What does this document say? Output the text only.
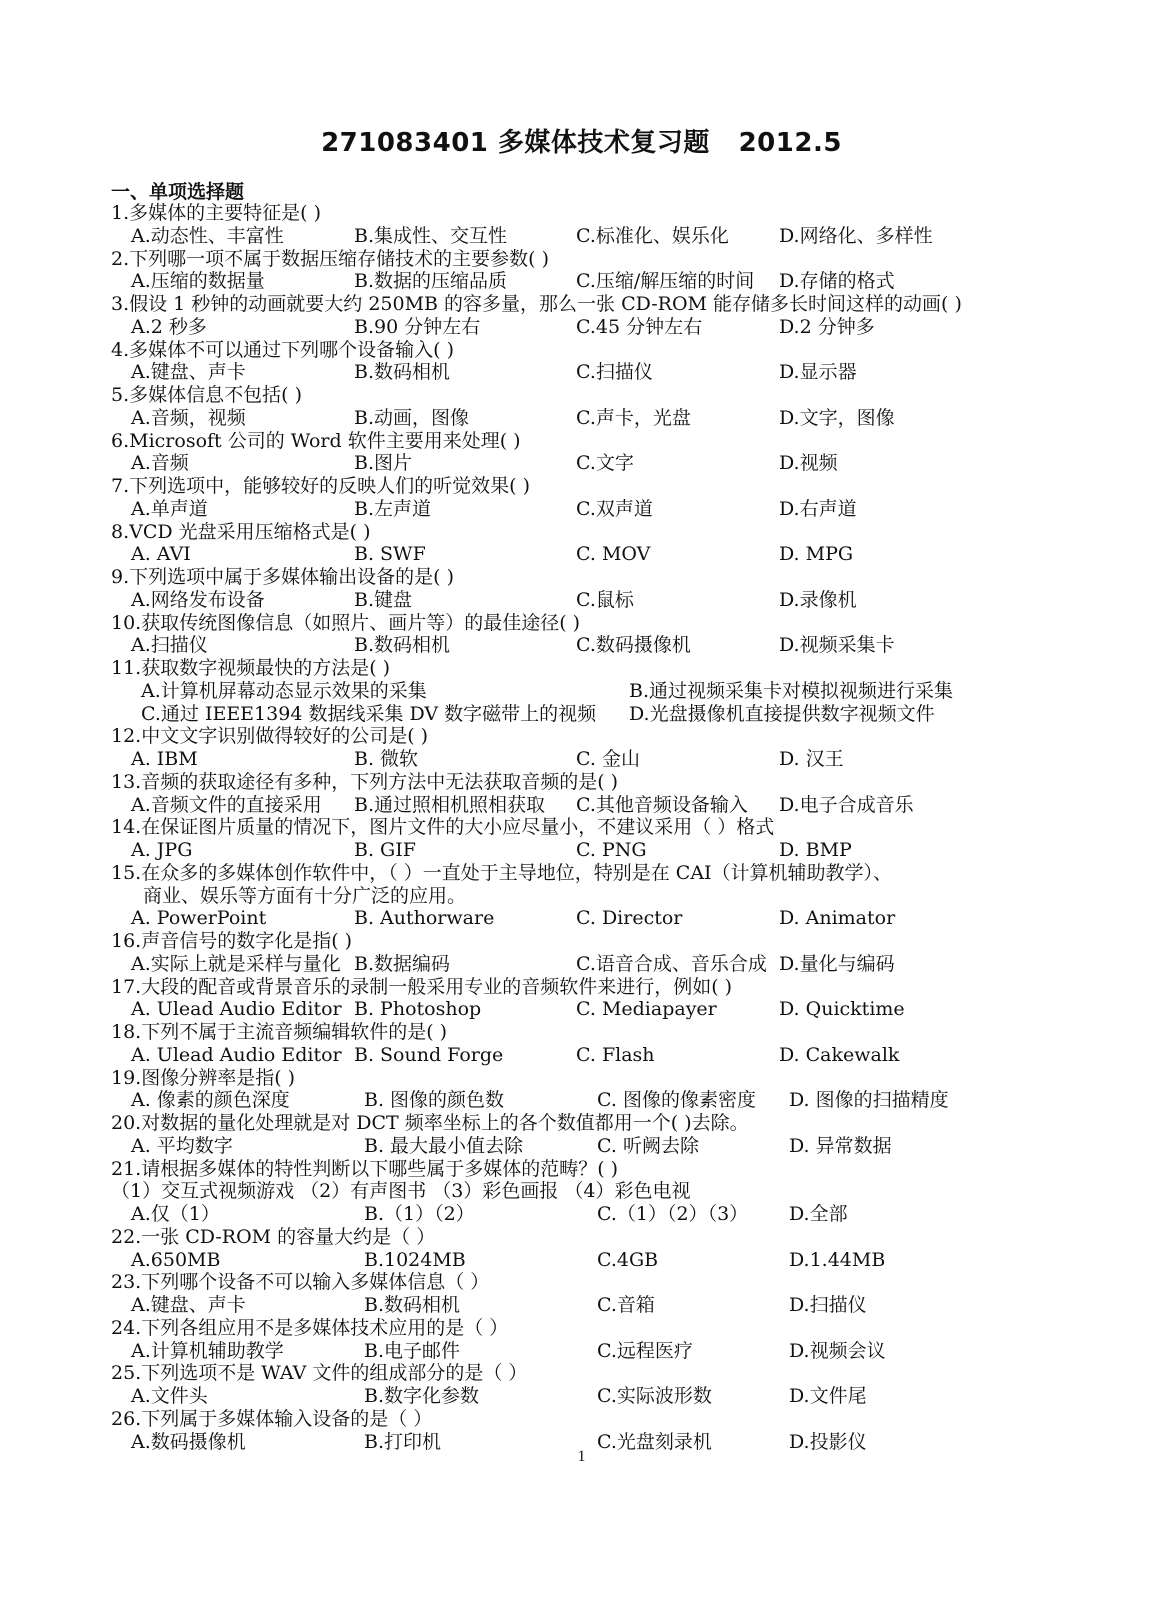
271083401 多媒体技术复习题   2012.5
一、单项选择题
1.多媒体的主要特征是( )
A.动态性、丰富性	B.集成性、交互性	C.标准化、娱乐化	D.网络化、多样性
2.下列哪一项不属于数据压缩存储技术的主要参数( )
A.压缩的数据量	B.数据的压缩品质	C.压缩/解压缩的时间 D.存储的格式
3.假设 1 秒钟的动画就要大约 250MB 的容多量，那么一张 CD-ROM 能存储多长时间这样的动画( )
A.2 秒多	B.90 分钟左右	C.45 分钟左右	D.2 分钟多
4.多媒体不可以通过下列哪个设备输入( )
A.键盘、声卡	B.数码相机	C.扫描仪	D.显示器
5.多媒体信息不包括( )
A.音频，视频	B.动画，图像	C.声卡，光盘	D.文字，图像
6.Microsoft 公司的 Word 软件主要用来处理( )
A.音频	B.图片	C.文字	D.视频
7.下列选项中，能够较好的反映人们的听觉效果( )
A.单声道	B.左声道	C.双声道	D.右声道
8.VCD 光盘采用压缩格式是( )
A. AVI	B. SWF	C. MOV	D. MPG
9.下列选项中属于多媒体输出设备的是( )
A.网络发布设备	B.键盘	C.鼠标	D.录像机
10.获取传统图像信息（如照片、画片等）的最佳途径( )
A.扫描仪	B.数码相机	C.数码摄像机	D.视频采集卡
11.获取数字视频最快的方法是( )
A.计算机屏幕动态显示效果的采集	B.通过视频采集卡对模拟视频进行采集
C.通过 IEEE1394 数据线采集 DV 数字磁带上的视频 D.光盘摄像机直接提供数字视频文件
12.中文文字识别做得较好的公司是( )
A. IBM	B. 微软	C. 金山	D. 汉王
13.音频的获取途径有多种，下列方法中无法获取音频的是( )
A.音频文件的直接采用 B.通过照相机照相获取 C.其他音频设备输入 D.电子合成音乐
14.在保证图片质量的情况下，图片文件的大小应尽量小，不建议采用（ ）格式
A. JPG	B. GIF	C. PNG	D. BMP
15.在众多的多媒体创作软件中，（ ）一直处于主导地位，特别是在 CAI（计算机辅助教学）、
商业、娱乐等方面有十分广泛的应用。
A. PowerPoint	B. Authorware	C. Director	D. Animator
16.声音信号的数字化是指( )
A.实际上就是采样与量化 B.数据编码	C.语音合成、音乐合成 D.量化与编码
17.大段的配音或背景音乐的录制一般采用专业的音频软件来进行，例如( )
A. Ulead Audio Editor B. Photoshop	C. Mediapayer	D. Quicktime
18.下列不属于主流音频编辑软件的是( )
A. Ulead Audio Editor B. Sound Forge	C. Flash	D. Cakewalk
19.图像分辨率是指( )
A. 像素的颜色深度	B. 图像的颜色数	C. 图像的像素密度 D. 图像的扫描精度
20.对数据的量化处理就是对 DCT 频率坐标上的各个数值都用一个( )去除。
A. 平均数字	B. 最大最小值去除	C. 听阙去除	D. 异常数据
21.请根据多媒体的特性判断以下哪些属于多媒体的范畴？( )
（1）交互式视频游戏 （2）有声图书 （3）彩色画报 （4）彩色电视
A.仅（1）	B.（1）（2）	C.（1）（2）（3） D.全部
22.一张 CD-ROM 的容量大约是（ ）
A.650MB	B.1024MB	C.4GB	D.1.44MB
23.下列哪个设备不可以输入多媒体信息（ ）
A.键盘、声卡	B.数码相机	C.音箱	D.扫描仪
24.下列各组应用不是多媒体技术应用的是（ ）
A.计算机辅助教学	B.电子邮件	C.远程医疗	D.视频会议
25.下列选项不是 WAV 文件的组成部分的是（ ）
A.文件头	B.数字化参数	C.实际波形数	D.文件尾
26.下列属于多媒体输入设备的是（ ）
A.数码摄像机	B.打印机	C.光盘刻录机	D.投影仪
1
